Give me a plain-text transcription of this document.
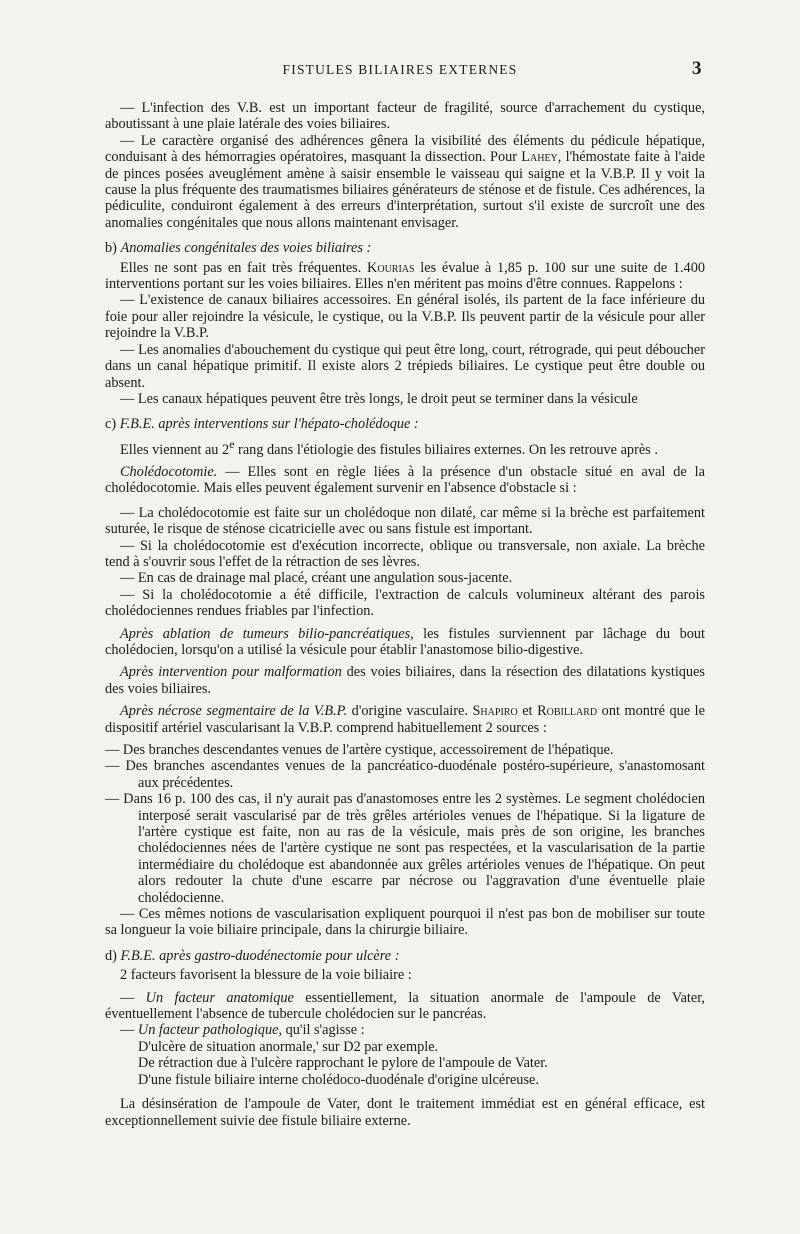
FISTULES BILIAIRES EXTERNES	3

— L'infection des V.B. est un important facteur de fragilité, source d'arrachement du cystique, aboutissant à une plaie latérale des voies biliaires.

— Le caractère organisé des adhérences gênera la visibilité des éléments du pédicule hépatique, conduisant à des hémorragies opératoires, masquant la dissection. Pour Lahey, l'hémostate faite à l'aide de pinces posées aveuglément amène à saisir ensemble le vaisseau qui saigne et la V.B.P. Il y voit la cause la plus fréquente des traumatismes biliaires générateurs de sténose et de fistule. Ces adhérences, la pédiculite, conduiront également à des erreurs d'interprétation, surtout s'il existe de surcroît une des anomalies congénitales que nous allons maintenant envisager.

b) Anomalies congénitales des voies biliaires :

Elles ne sont pas en fait très fréquentes. Kourias les évalue à 1,85 p. 100 sur une suite de 1.400 interventions portant sur les voies biliaires. Elles n'en méritent pas moins d'être connues. Rappelons :

— L'existence de canaux biliaires accessoires. En général isolés, ils partent de la face inférieure du foie pour aller rejoindre la vésicule, le cystique, ou la V.B.P. Ils peuvent partir de la vésicule pour aller rejoindre la V.B.P.

— Les anomalies d'abouchement du cystique qui peut être long, court, rétrograde, qui peut déboucher dans un canal hépatique primitif. Il existe alors 2 trépieds biliaires. Le cystique peut être double ou absent.

— Les canaux hépatiques peuvent être très longs, le droit peut se terminer dans la vésicule

c) F.B.E. après interventions sur l'hépato-cholédoque :

Elles viennent au 2e rang dans l'étiologie des fistules biliaires externes. On les retrouve après .

Cholédocotomie. — Elles sont en règle liées à la présence d'un obstacle situé en aval de la cholédocotomie. Mais elles peuvent également survenir en l'absence d'obstacle si :

— La cholédocotomie est faite sur un cholédoque non dilaté, car même si la brèche est parfaitement suturée, le risque de sténose cicatricielle avec ou sans fistule est important.

— Si la cholédocotomie est d'exécution incorrecte, oblique ou transversale, non axiale. La brèche tend à s'ouvrir sous l'effet de la rétraction de ses lèvres.

— En cas de drainage mal placé, créant une angulation sous-jacente.

— Si la cholédocotomie a été difficile, l'extraction de calculs volumineux altérant des parois cholédociennes rendues friables par l'infection.

Après ablation de tumeurs bilio-pancréatiques, les fistules surviennent par lâchage du bout cholédocien, lorsqu'on a utilisé la vésicule pour établir l'anastomose bilio-digestive.

Après intervention pour malformation des voies biliaires, dans la résection des dilatations kystiques des voies biliaires.

Après nécrose segmentaire de la V.B.P. d'origine vasculaire. Shapiro et Robillard ont montré que le dispositif artériel vascularisant la V.B.P. comprend habituellement 2 sources :

— Des branches descendantes venues de l'artère cystique, accessoirement de l'hépatique.

— Des branches ascendantes venues de la pancréatico-duodénale postéro-supérieure, s'anastomosant aux précédentes.

— Dans 16 p. 100 des cas, il n'y aurait pas d'anastomoses entre les 2 systèmes. Le segment cholédocien interposé serait vascularisé par de très grêles artérioles venues de l'hépatique. Si la ligature de l'artère cystique est faite, non au ras de la vésicule, mais près de son origine, les branches cholédociennes nées de l'artère cystique ne sont pas respectées, et la vascularisation de la partie intermédiaire du cholédoque est abandonnée aux grêles artérioles venues de l'hépatique. On peut alors redouter la chute d'une escarre par nécrose ou l'aggravation d'une éventuelle plaie cholédocienne.

— Ces mêmes notions de vascularisation expliquent pourquoi il n'est pas bon de mobiliser sur toute sa longueur la voie biliaire principale, dans la chirurgie biliaire.

d) F.B.E. après gastro-duodénectomie pour ulcère :

2 facteurs favorisent la blessure de la voie biliaire :

— Un facteur anatomique essentiellement, la situation anormale de l'ampoule de Vater, éventuellement l'absence de tubercule cholédocien sur le pancréas.

— Un facteur pathologique, qu'il s'agisse :

D'ulcère de situation anormale,' sur D2 par exemple.

De rétraction due à l'ulcère rapprochant le pylore de l'ampoule de Vater.

D'une fistule biliaire interne cholédoco-duodénale d'origine ulcéreuse.

La désinsération de l'ampoule de Vater, dont le traitement immédiat est en général efficace, est exceptionnellement suivie dee fistule biliaire externe.
